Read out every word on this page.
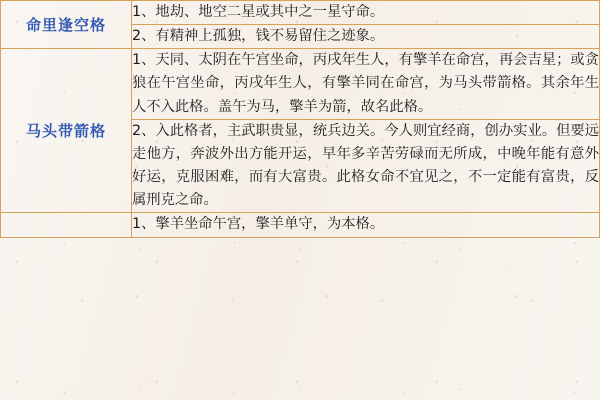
命里逢空格	1、地劫、地空二星或其中之一星守命。
	2、有精神上孤独，钱不易留住之迹象。
马头带箭格	1、天同、太阴在午宫坐命，丙戌年生人，有擎羊在命宫，再会吉星；或贪狼在午宫坐命，丙戌年生人，有擎羊同在命宫，为马头带箭格。其余年生人不入此格。盖午为马，擎羊为箭，故名此格。
	2、入此格者，主武职贵显，统兵边关。今人则宜经商，创办实业。但要远走他方，奔波外出方能开运，早年多辛苦劳碌而无所成，中晚年能有意外好运，克服困难，而有大富贵。此格女命不宜见之，不一定能有富贵，反属刑克之命。
	1、擎羊坐命午宫，擎羊单守，为本格。
